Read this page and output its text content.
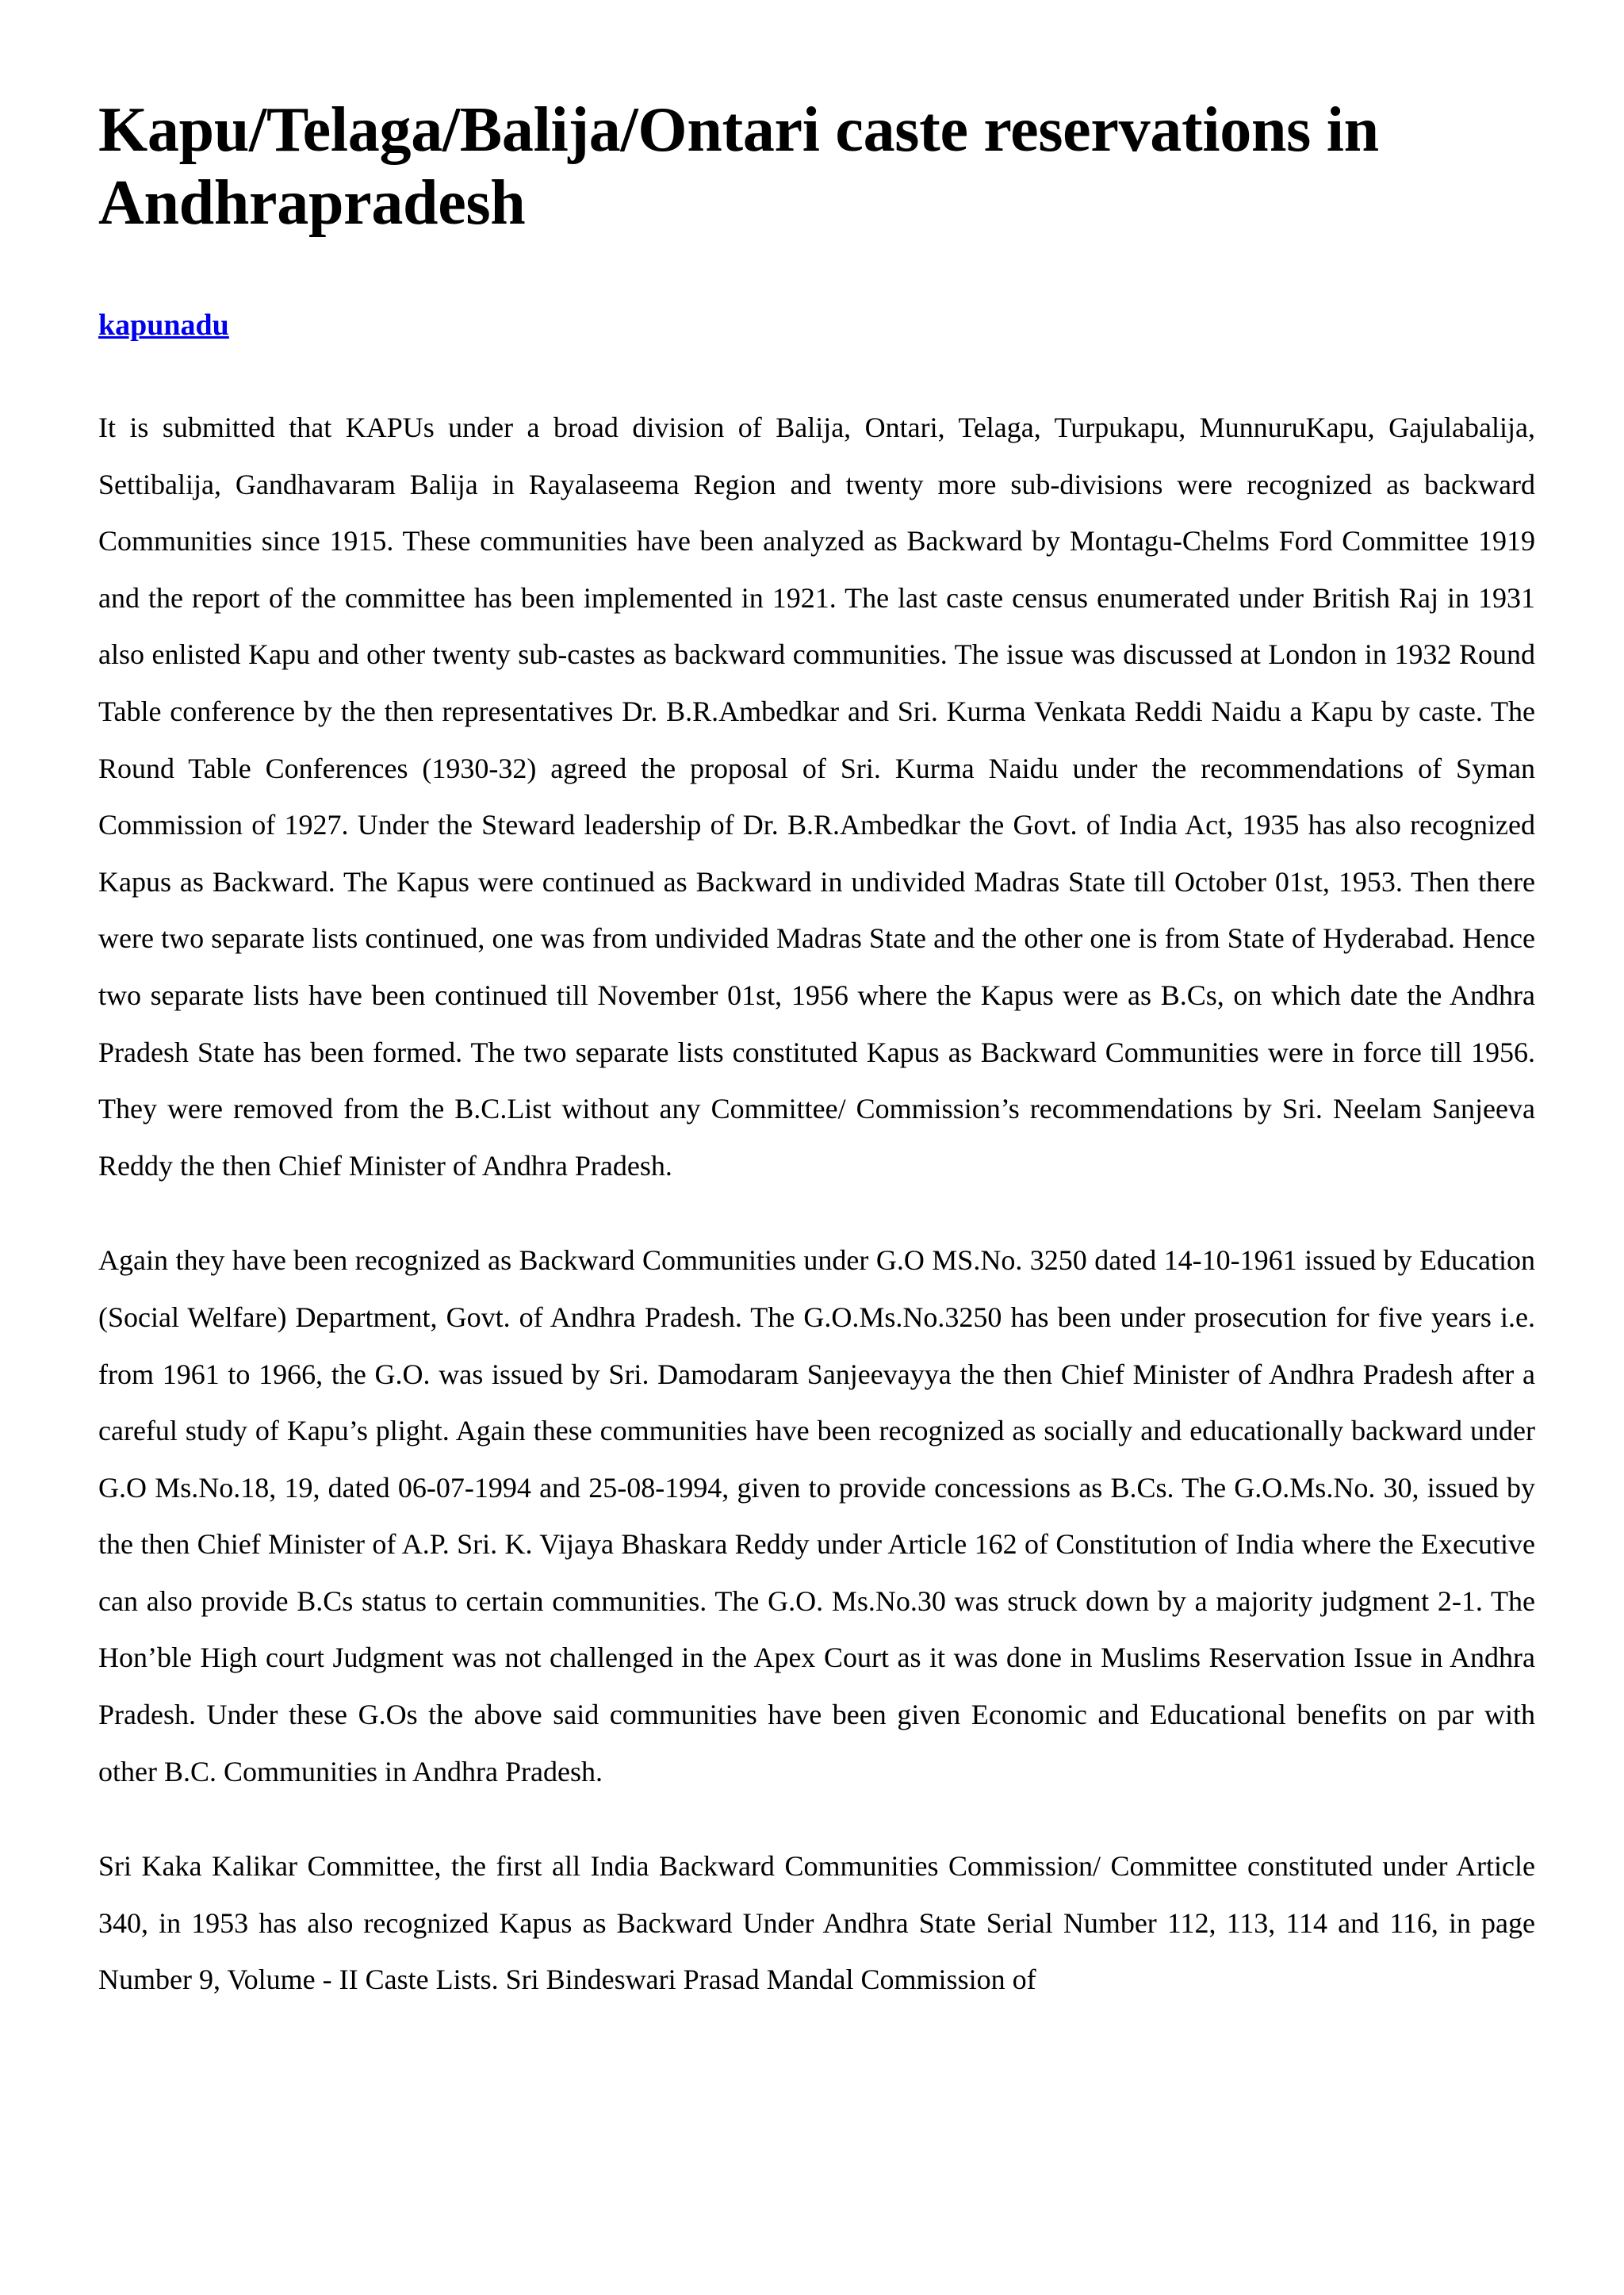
Kapu/Telaga/Balija/Ontari caste reservations in Andhrapradesh
kapunadu

It is submitted that KAPUs under a broad division of Balija, Ontari, Telaga, Turpukapu, MunnuruKapu, Gajulabalija, Settibalija, Gandhavaram Balija in Rayalaseema Region and twenty more sub-divisions were recognized as backward Communities since 1915. These communities have been analyzed as Backward by Montagu-Chelms Ford Committee 1919 and the report of the committee has been implemented in 1921. The last caste census enumerated under British Raj in 1931 also enlisted Kapu and other twenty sub-castes as backward communities. The issue was discussed at London in 1932 Round Table conference by the then representatives Dr. B.R.Ambedkar and Sri. Kurma Venkata Reddi Naidu a Kapu by caste. The Round Table Conferences (1930-32) agreed the proposal of Sri. Kurma Naidu under the recommendations of Syman Commission of 1927. Under the Steward leadership of Dr. B.R.Ambedkar the Govt. of India Act, 1935 has also recognized Kapus as Backward. The Kapus were continued as Backward in undivided Madras State till October 01st, 1953. Then there were two separate lists continued, one was from undivided Madras State and the other one is from State of Hyderabad. Hence two separate lists have been continued till November 01st, 1956 where the Kapus were as B.Cs, on which date the Andhra Pradesh State has been formed. The two separate lists constituted Kapus as Backward Communities were in force till 1956. They were removed from the B.C.List without any Committee/ Commission’s recommendations by Sri. Neelam Sanjeeva Reddy the then Chief Minister of Andhra Pradesh.

Again they have been recognized as Backward Communities under G.O MS.No. 3250 dated 14-10-1961 issued by Education (Social Welfare) Department, Govt. of Andhra Pradesh. The G.O.Ms.No.3250 has been under prosecution for five years i.e. from 1961 to 1966, the G.O. was issued by Sri. Damodaram Sanjeevayya the then Chief Minister of Andhra Pradesh after a careful study of Kapu’s plight. Again these communities have been recognized as socially and educationally backward under G.O Ms.No.18, 19, dated 06-07-1994 and 25-08-1994, given to provide concessions as B.Cs. The G.O.Ms.No. 30, issued by the then Chief Minister of A.P. Sri. K. Vijaya Bhaskara Reddy under Article 162 of Constitution of India where the Executive can also provide B.Cs status to certain communities. The G.O. Ms.No.30 was struck down by a majority judgment 2-1. The Hon’ble High court Judgment was not challenged in the Apex Court as it was done in Muslims Reservation Issue in Andhra Pradesh. Under these G.Os the above said communities have been given Economic and Educational benefits on par with other B.C. Communities in Andhra Pradesh.

Sri Kaka Kalikar Committee, the first all India Backward Communities Commission/ Committee constituted under Article 340, in 1953 has also recognized Kapus as Backward Under Andhra State Serial Number 112, 113, 114 and 116, in page Number 9, Volume - II Caste Lists. Sri Bindeswari Prasad Mandal Commission of
